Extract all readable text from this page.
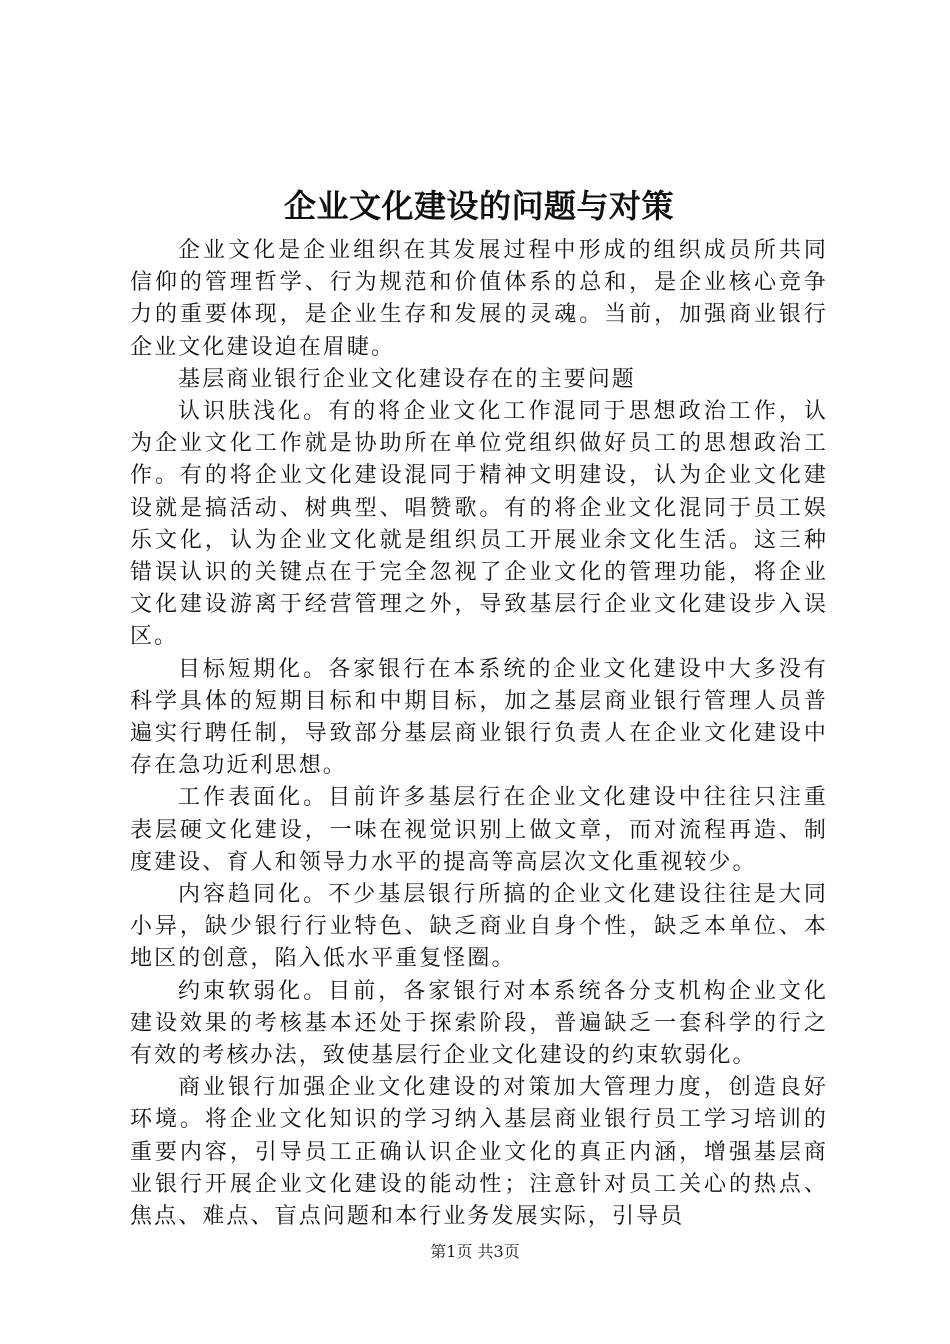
企业文化建设的问题与对策

企业文化是企业组织在其发展过程中形成的组织成员所共同信仰的管理哲学、行为规范和价值体系的总和，是企业核心竞争力的重要体现，是企业生存和发展的灵魂。当前，加强商业银行企业文化建设迫在眉睫。

基层商业银行企业文化建设存在的主要问题

认识肤浅化。有的将企业文化工作混同于思想政治工作，认为企业文化工作就是协助所在单位党组织做好员工的思想政治工作。有的将企业文化建设混同于精神文明建设，认为企业文化建设就是搞活动、树典型、唱赞歌。有的将企业文化混同于员工娱乐文化，认为企业文化就是组织员工开展业余文化生活。这三种错误认识的关键点在于完全忽视了企业文化的管理功能，将企业文化建设游离于经营管理之外，导致基层行企业文化建设步入误区。

目标短期化。各家银行在本系统的企业文化建设中大多没有科学具体的短期目标和中期目标，加之基层商业银行管理人员普遍实行聘任制，导致部分基层商业银行负责人在企业文化建设中存在急功近利思想。

工作表面化。目前许多基层行在企业文化建设中往往只注重表层硬文化建设，一味在视觉识别上做文章，而对流程再造、制度建设、育人和领导力水平的提高等高层次文化重视较少。

内容趋同化。不少基层银行所搞的企业文化建设往往是大同小异，缺少银行行业特色、缺乏商业自身个性，缺乏本单位、本地区的创意，陷入低水平重复怪圈。

约束软弱化。目前，各家银行对本系统各分支机构企业文化建设效果的考核基本还处于探索阶段，普遍缺乏一套科学的行之有效的考核办法，致使基层行企业文化建设的约束软弱化。

商业银行加强企业文化建设的对策加大管理力度，创造良好环境。将企业文化知识的学习纳入基层商业银行员工学习培训的重要内容，引导员工正确认识企业文化的真正内涵，增强基层商业银行开展企业文化建设的能动性；注意针对员工关心的热点、焦点、难点、盲点问题和本行业务发展实际，引导员

第1页 共3页
